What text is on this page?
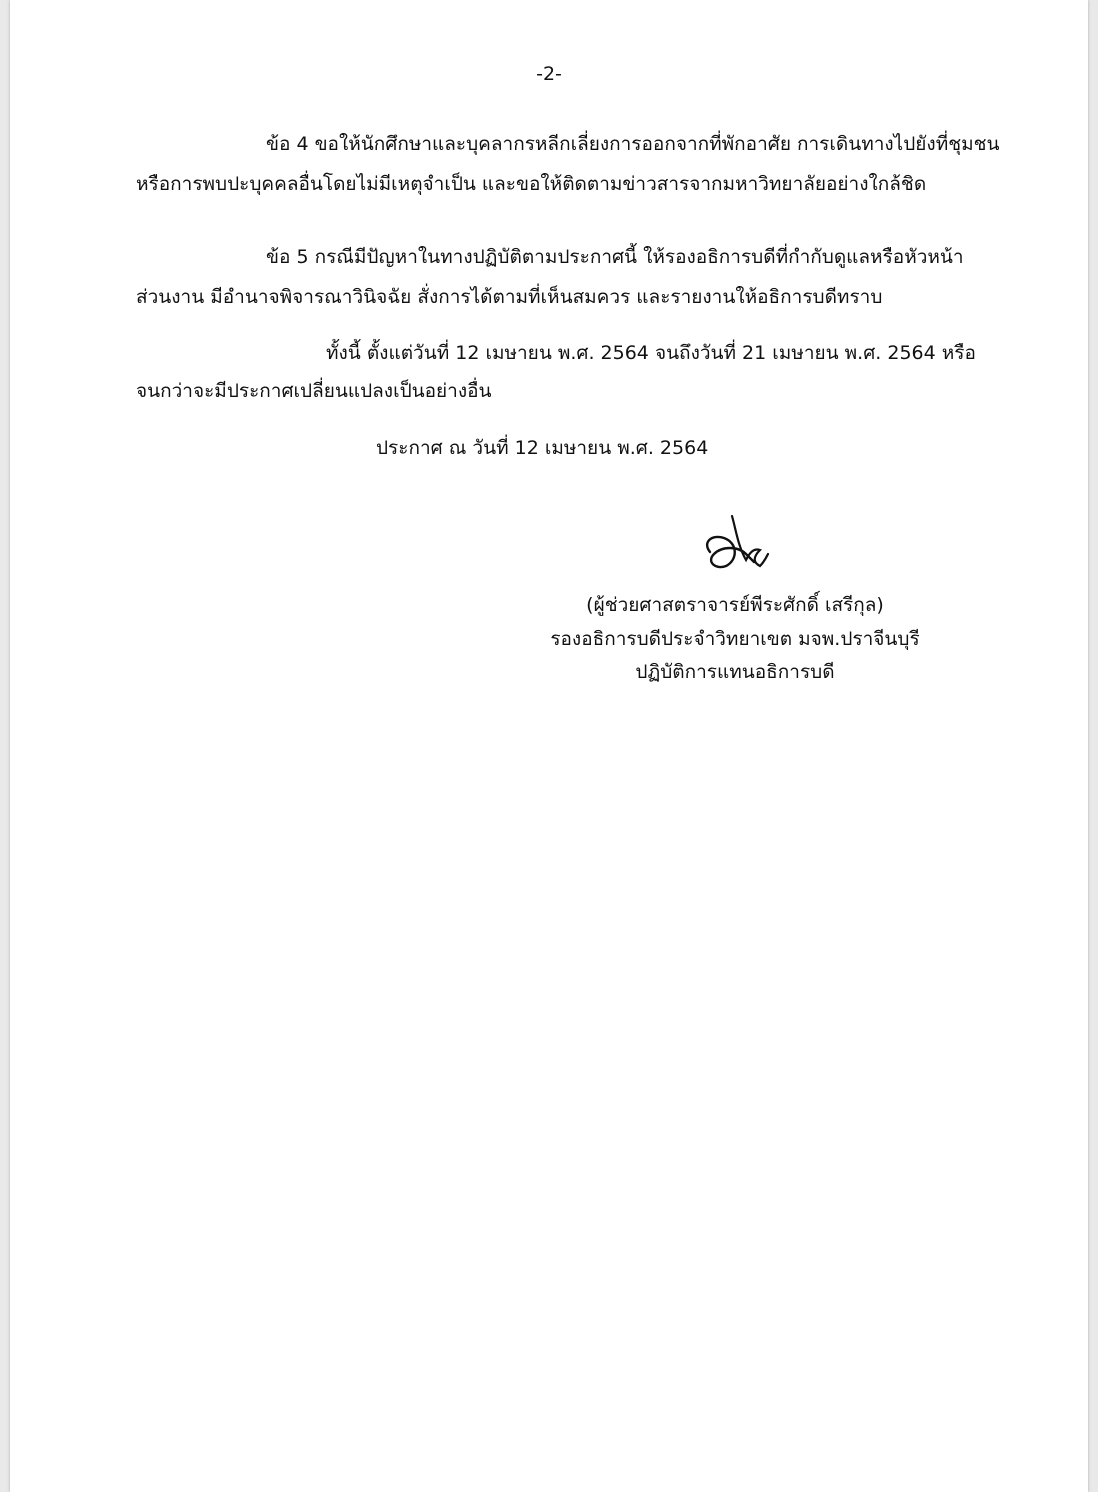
-2-
ข้อ 4 ขอให้นักศึกษาและบุคลากรหลีกเลี่ยงการออกจากที่พักอาศัย การเดินทางไปยังที่ชุมชน
หรือการพบปะบุคคลอื่นโดยไม่มีเหตุจำเป็น และขอให้ติดตามข่าวสารจากมหาวิทยาลัยอย่างใกล้ชิด
ข้อ 5 กรณีมีปัญหาในทางปฏิบัติตามประกาศนี้ ให้รองอธิการบดีที่กำกับดูแลหรือหัวหน้า
ส่วนงาน มีอำนาจพิจารณาวินิจฉัย สั่งการได้ตามที่เห็นสมควร และรายงานให้อธิการบดีทราบ
ทั้งนี้ ตั้งแต่วันที่ 12 เมษายน พ.ศ. 2564 จนถึงวันที่ 21 เมษายน พ.ศ. 2564 หรือ
จนกว่าจะมีประกาศเปลี่ยนแปลงเป็นอย่างอื่น
ประกาศ ณ วันที่ 12 เมษายน พ.ศ. 2564
(ผู้ช่วยศาสตราจารย์พีระศักดิ์ เสรีกุล)
รองอธิการบดีประจำวิทยาเขต มจพ.ปราจีนบุรี
ปฏิบัติการแทนอธิการบดี
